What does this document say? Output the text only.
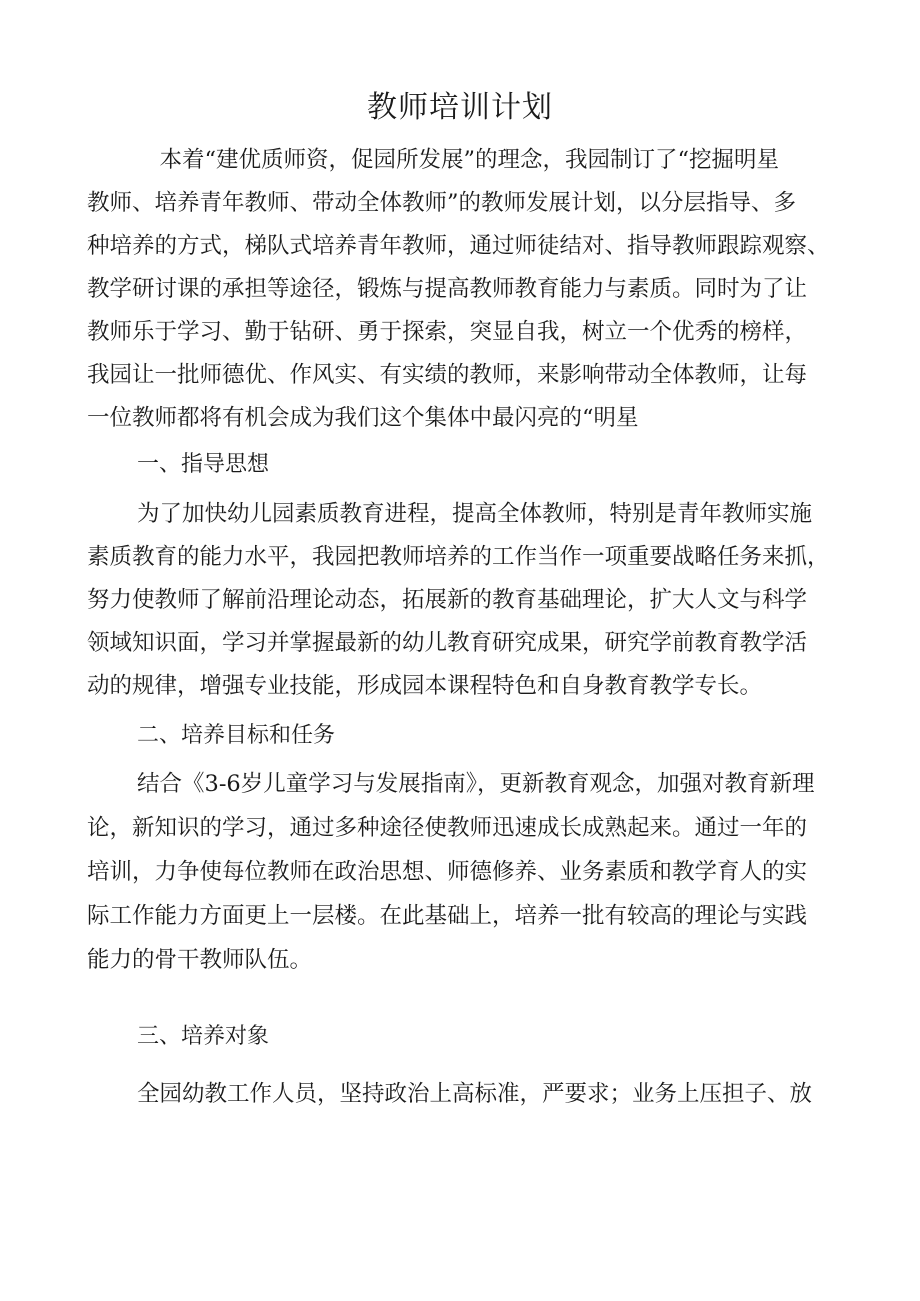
教师培训计划
　本着“建优质师资，促园所发展”的理念，我园制订了“挖掘明星
教师、培养青年教师、带动全体教师”的教师发展计划，以分层指导、多
种培养的方式，梯队式培养青年教师，通过师徒结对、指导教师跟踪观察、
教学研讨课的承担等途径，锻炼与提高教师教育能力与素质。同时为了让
教师乐于学习、勤于钻研、勇于探索，突显自我，树立一个优秀的榜样，
我园让一批师德优、作风实、有实绩的教师，来影响带动全体教师，让每
一位教师都将有机会成为我们这个集体中最闪亮的“明星
一、指导思想
为了加快幼儿园素质教育进程，提高全体教师，特别是青年教师实施
素质教育的能力水平，我园把教师培养的工作当作一项重要战略任务来抓，
努力使教师了解前沿理论动态，拓展新的教育基础理论，扩大人文与科学
领域知识面，学习并掌握最新的幼儿教育研究成果，研究学前教育教学活
动的规律，增强专业技能，形成园本课程特色和自身教育教学专长。
二、培养目标和任务
结合《3-6岁儿童学习与发展指南》，更新教育观念，加强对教育新理
论，新知识的学习，通过多种途径使教师迅速成长成熟起来。通过一年的
培训，力争使每位教师在政治思想、师德修养、业务素质和教学育人的实
际工作能力方面更上一层楼。在此基础上，培养一批有较高的理论与实践
能力的骨干教师队伍。
三、培养对象
全园幼教工作人员，坚持政治上高标准，严要求；业务上压担子、放
